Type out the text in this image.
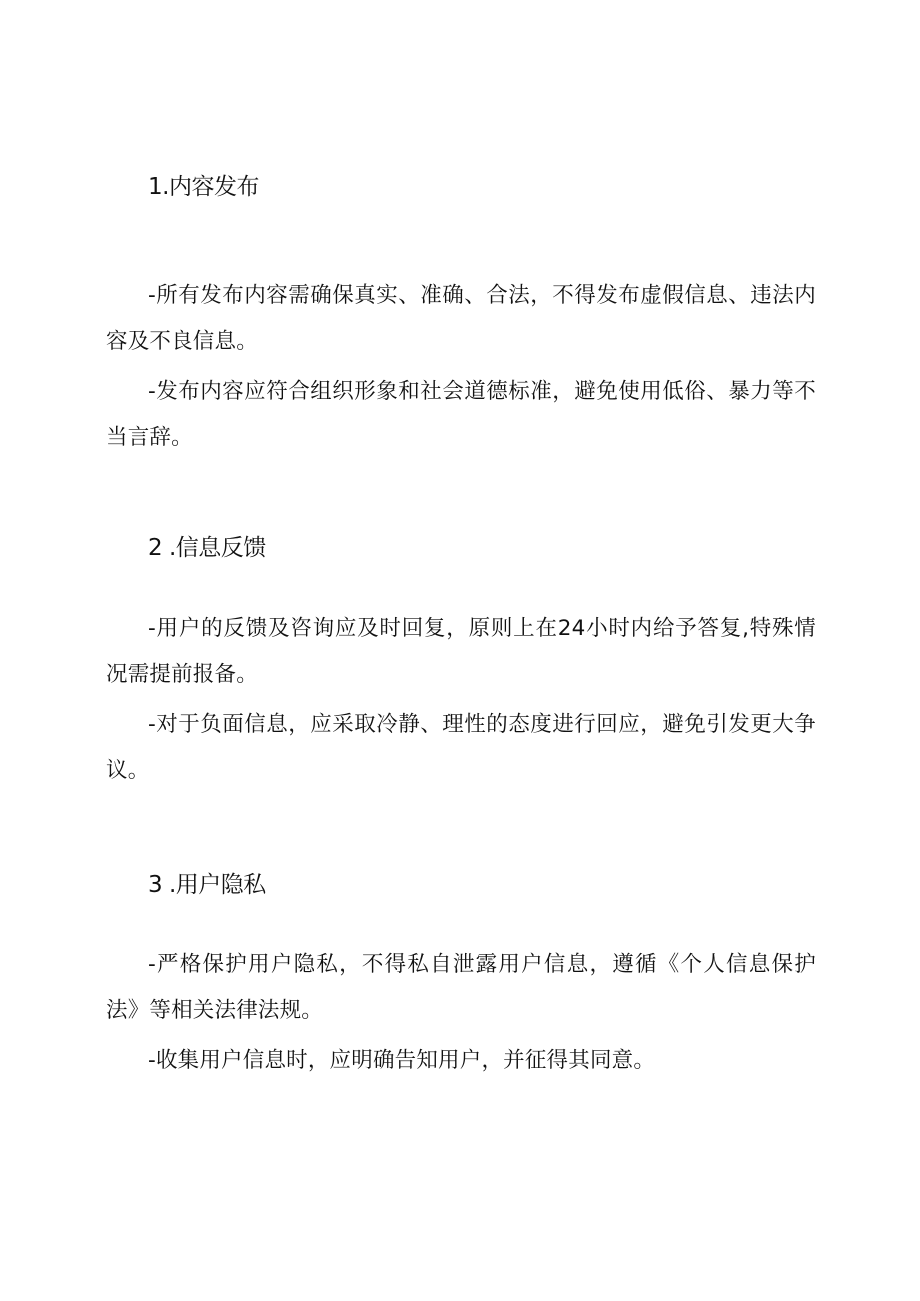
1.内容发布
-所有发布内容需确保真实、准确、合法，不得发布虚假信息、违法内容及不良信息。
-发布内容应符合组织形象和社会道德标准，避免使用低俗、暴力等不当言辞。
2 .信息反馈
-用户的反馈及咨询应及时回复，原则上在24小时内给予答复,特殊情况需提前报备。
-对于负面信息，应采取冷静、理性的态度进行回应，避免引发更大争议。
3 .用户隐私
-严格保护用户隐私，不得私自泄露用户信息，遵循《个人信息保护法》等相关法律法规。
-收集用户信息时，应明确告知用户，并征得其同意。
